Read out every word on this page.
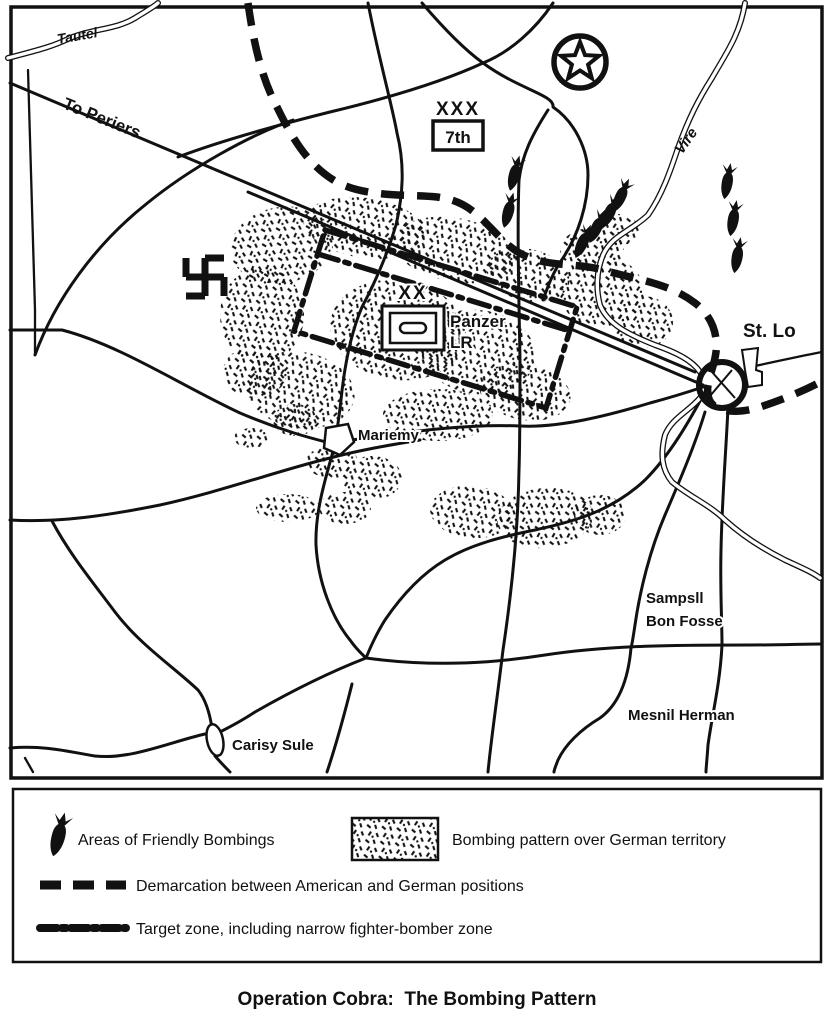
XXX
7th
XX
Panzer
LR
Tautel
To Periers	Vire
St. Lo
Mariemy
Sampsll
Bon Fosse
Mesnil Herman
Carisy Sule
Areas of Friendly Bombings	Bombing pattern over German territory
Demarcation between American and German positions
Target zone, including narrow fighter-bomber zone
Operation Cobra:  The Bombing Pattern
